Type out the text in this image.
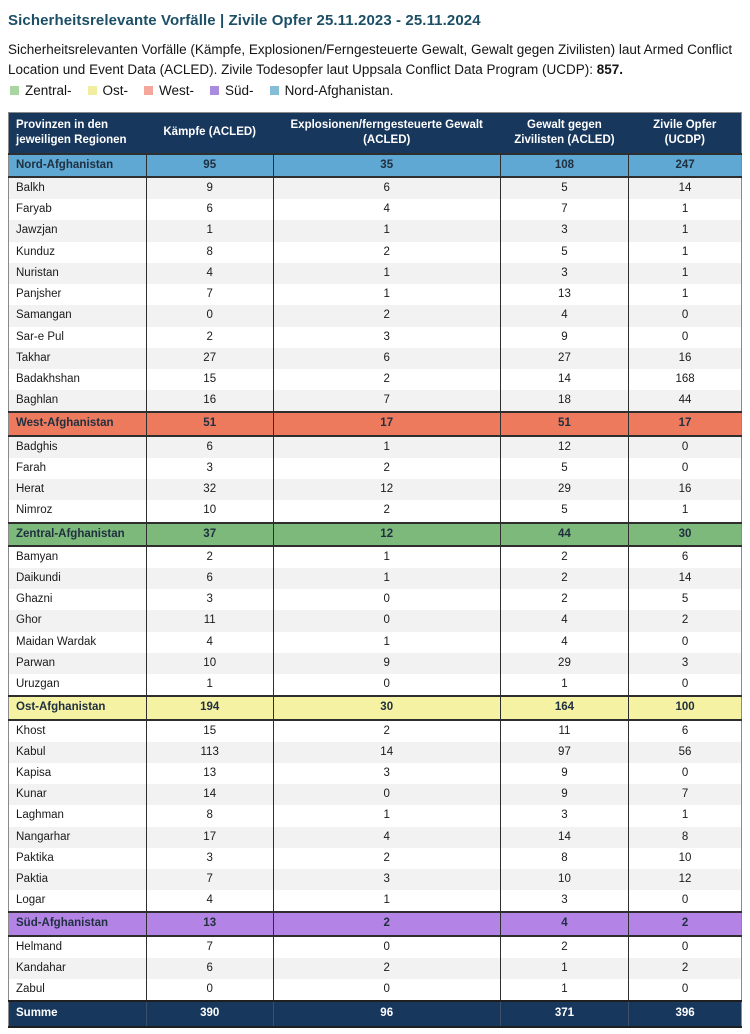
Sicherheitsrelevante Vorfälle | Zivile Opfer 25.11.2023 - 25.11.2024

Sicherheitsrelevanten Vorfälle (Kämpfe, Explosionen/Ferngesteuerte Gewalt, Gewalt gegen Zivilisten) laut Armed Conflict Location und Event Data (ACLED). Zivile Todesopfer laut Uppsala Conflict Data Program (UCDP): 857.

Zentral- Ost- West- Süd- Nord-Afghanistan.
Provinzen in den jeweiligen Regionen	Kämpfe (ACLED)	Explosionen/ferngesteuerte Gewalt (ACLED)	Gewalt gegen Zivilisten (ACLED)	Zivile Opfer (UCDP)
Nord-Afghanistan	95	35	108	247
Balkh	9	6	5	14
Faryab	6	4	7	1
Jawzjan	1	1	3	1
Kunduz	8	2	5	1
Nuristan	4	1	3	1
Panjsher	7	1	13	1
Samangan	0	2	4	0
Sar-e Pul	2	3	9	0
Takhar	27	6	27	16
Badakhshan	15	2	14	168
Baghlan	16	7	18	44
West-Afghanistan	51	17	51	17
Badghis	6	1	12	0
Farah	3	2	5	0
Herat	32	12	29	16
Nimroz	10	2	5	1
Zentral-Afghanistan	37	12	44	30
Bamyan	2	1	2	6
Daikundi	6	1	2	14
Ghazni	3	0	2	5
Ghor	11	0	4	2
Maidan Wardak	4	1	4	0
Parwan	10	9	29	3
Uruzgan	1	0	1	0
Ost-Afghanistan	194	30	164	100
Khost	15	2	11	6
Kabul	113	14	97	56
Kapisa	13	3	9	0
Kunar	14	0	9	7
Laghman	8	1	3	1
Nangarhar	17	4	14	8
Paktika	3	2	8	10
Paktia	7	3	10	12
Logar	4	1	3	0
Süd-Afghanistan	13	2	4	2
Helmand	7	0	2	0
Kandahar	6	2	1	2
Zabul	0	0	1	0
Summe	390	96	371	396
